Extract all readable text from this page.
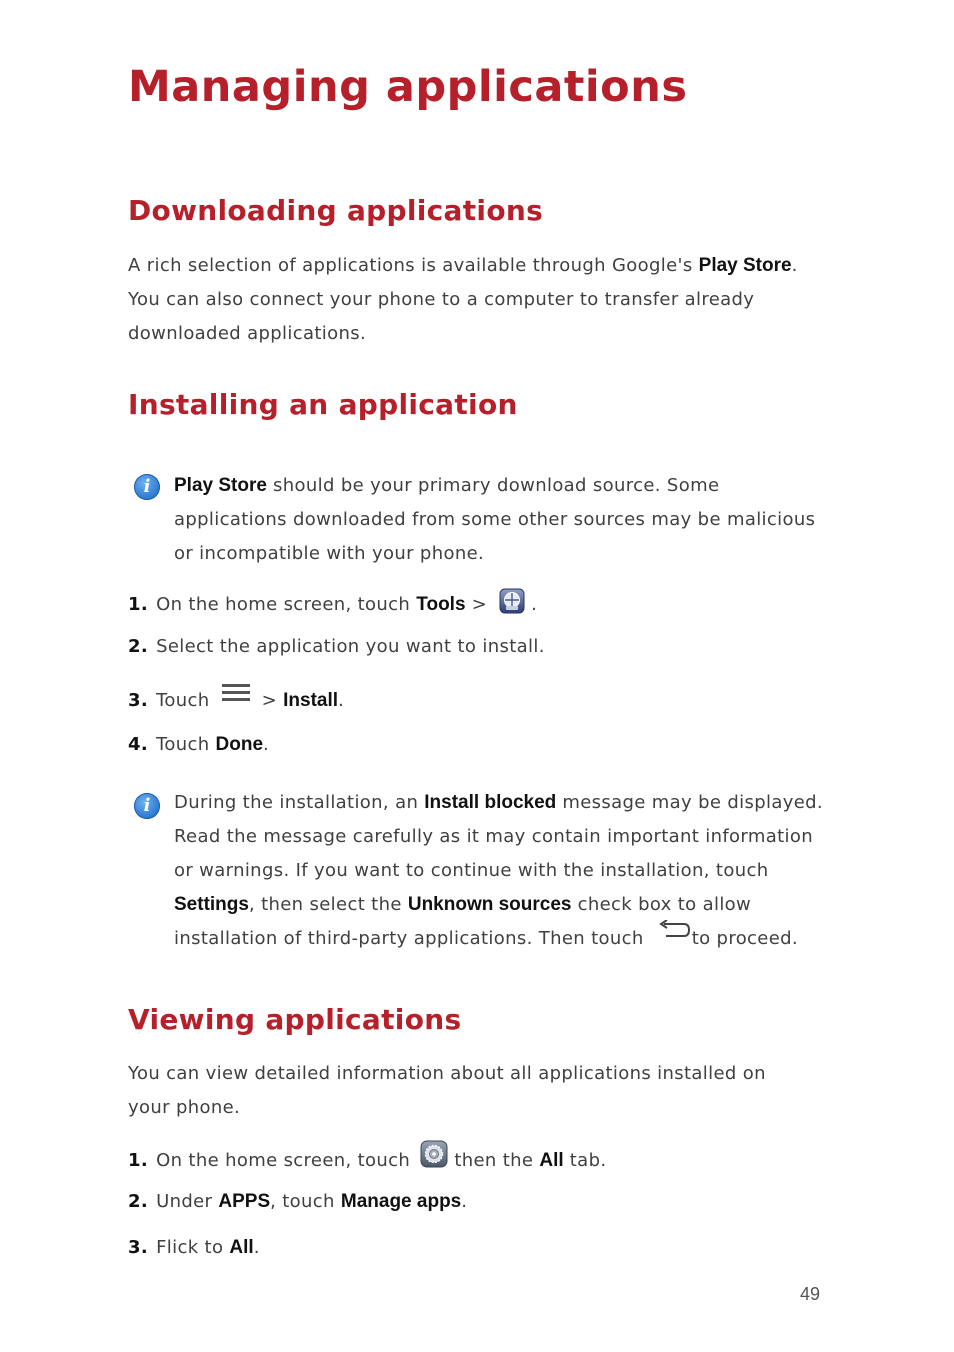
Managing applications
Downloading applications
A rich selection of applications is available through Google's Play Store. You can also connect your phone to a computer to transfer already downloaded applications.
Installing an application
i	Play Store should be your primary download source. Some applications downloaded from some other sources may be malicious or incompatible with your phone.
1. On the home screen, touch Tools >  .
2. Select the application you want to install.
3. Touch  > Install.
4. Touch Done.
i	During the installation, an Install blocked message may be displayed. Read the message carefully as it may contain important information or warnings. If you want to continue with the installation, touch Settings, then select the Unknown sources check box to allow installation of third-party applications. Then touch to proceed.
Viewing applications
You can view detailed information about all applications installed on your phone.
1. On the home screen, touch  then the All tab.
2. Under APPS, touch Manage apps.
3. Flick to All.
49
